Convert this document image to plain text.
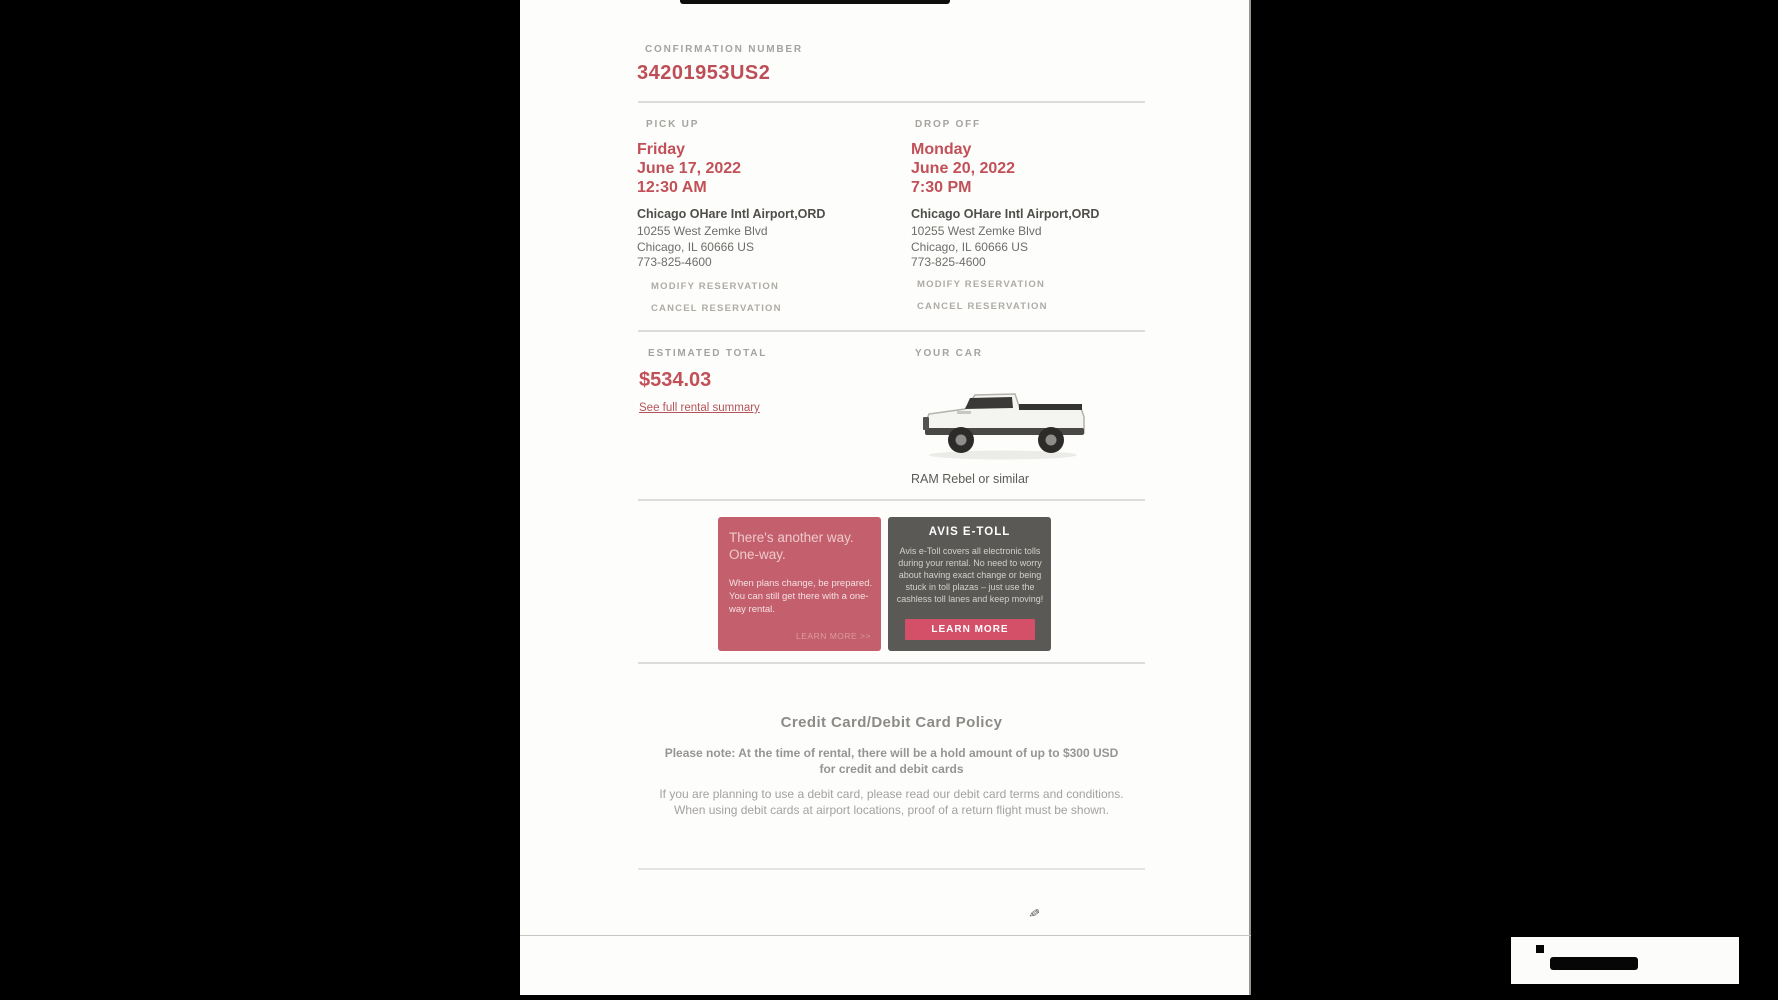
CONFIRMATION NUMBER
34201953US2
PICK UP
Friday
June 17, 2022
12:30 AM
Chicago OHare Intl Airport,ORD
10255 West Zemke Blvd
Chicago, IL 60666 US
773-825-4600
MODIFY RESERVATION
CANCEL RESERVATION
DROP OFF
Monday
June 20, 2022
7:30 PM
Chicago OHare Intl Airport,ORD
10255 West Zemke Blvd
Chicago, IL 60666 US
773-825-4600
MODIFY RESERVATION
CANCEL RESERVATION
ESTIMATED TOTAL
$534.03
See full rental summary
YOUR CAR
RAM Rebel or similar
There's another way.
One-way.
When plans change, be prepared. You can still get there with a one-way rental.
LEARN MORE >>
AVIS E-TOLL
Avis e-Toll covers all electronic tolls during your rental. No need to worry about having exact change or being stuck in toll plazas – just use the cashless toll lanes and keep moving!
LEARN MORE
Credit Card/Debit Card Policy
Please note: At the time of rental, there will be a hold amount of up to $300 USD
for credit and debit cards
If you are planning to use a debit card, please read our debit card terms and conditions.
When using debit cards at airport locations, proof of a return flight must be shown.
✎
